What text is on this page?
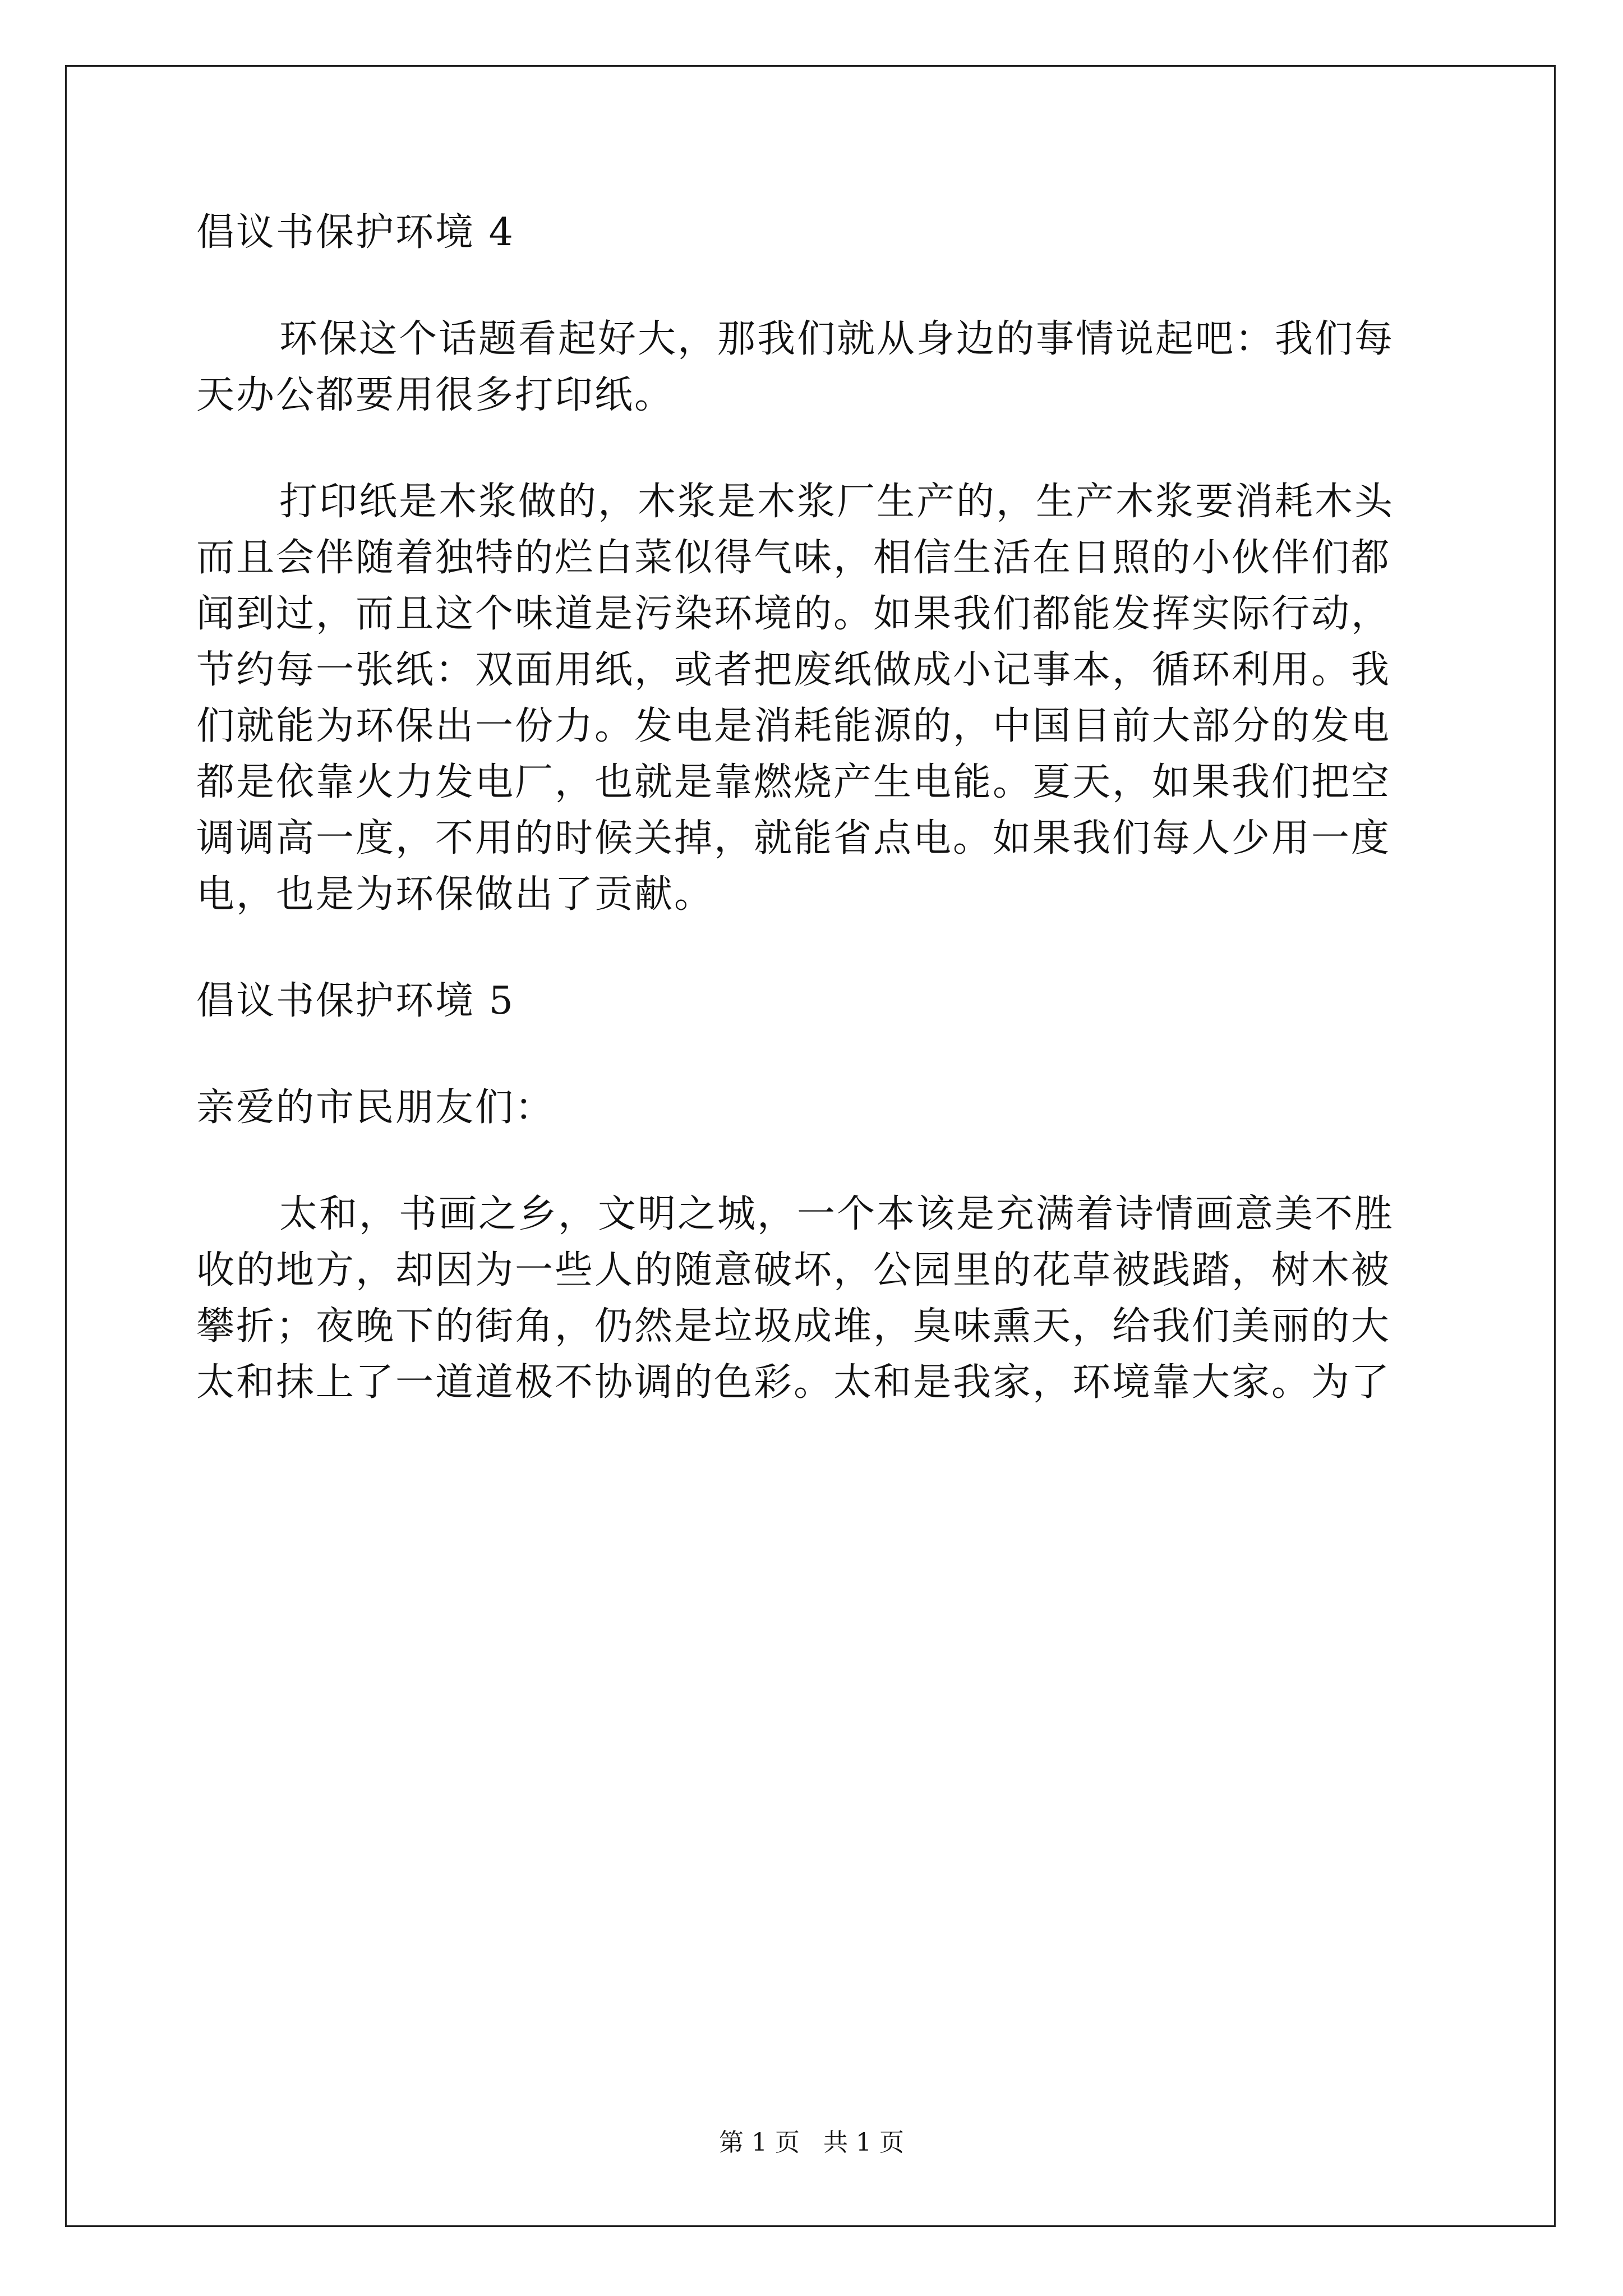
倡议书保护环境 4
环保这个话题看起好大，那我们就从身边的事情说起吧：我们每
天办公都要用很多打印纸。
打印纸是木浆做的，木浆是木浆厂生产的，生产木浆要消耗木头
而且会伴随着独特的烂白菜似得气味，相信生活在日照的小伙伴们都
闻到过，而且这个味道是污染环境的。如果我们都能发挥实际行动，
节约每一张纸：双面用纸，或者把废纸做成小记事本，循环利用。我
们就能为环保出一份力。发电是消耗能源的，中国目前大部分的发电
都是依靠火力发电厂，也就是靠燃烧产生电能。夏天，如果我们把空
调调高一度，不用的时候关掉，就能省点电。如果我们每人少用一度
电，也是为环保做出了贡献。
倡议书保护环境 5
亲爱的市民朋友们：
太和，书画之乡，文明之城，一个本该是充满着诗情画意美不胜
收的地方，却因为一些人的随意破坏，公园里的花草被践踏，树木被
攀折；夜晚下的街角，仍然是垃圾成堆，臭味熏天，给我们美丽的大
太和抹上了一道道极不协调的色彩。太和是我家，环境靠大家。为了
第 1 页   共 1 页
